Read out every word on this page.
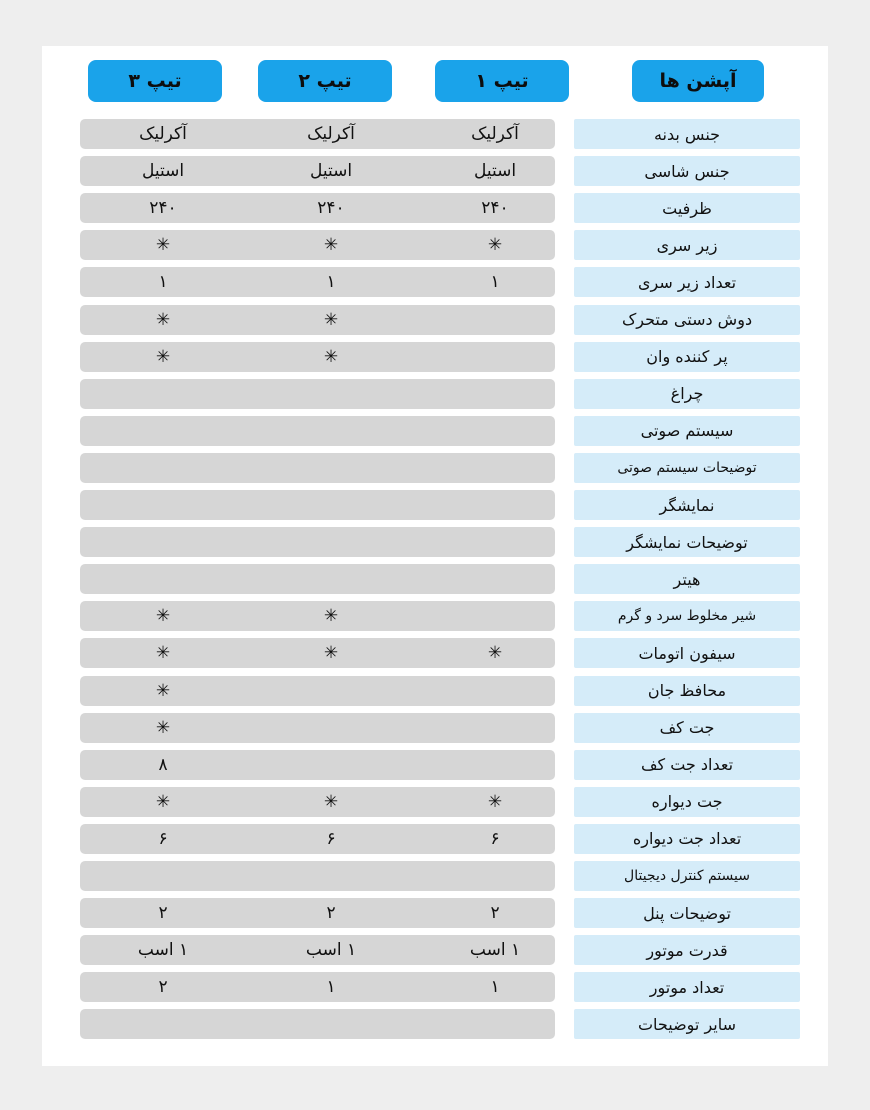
آپشن ها
تیپ ۱
تیپ ۲
تیپ ۳
جنس بدنه
آکرلیک
آکرلیک
آکرلیک
جنس شاسی
استیل
استیل
استیل
ظرفیت
۲۴۰
۲۴۰
۲۴۰
زیر سری
✳
✳
✳
تعداد زیر سری
۱
۱
۱
دوش دستی متحرک
✳
✳
پر کننده وان
✳
✳
چراغ
سیستم صوتی
توضیحات سیستم صوتی
نمایشگر
توضیحات نمایشگر
هیتر
شیر مخلوط سرد و گرم
✳
✳
سیفون اتومات
✳
✳
✳
محافظ جان
✳
جت کف
✳
تعداد جت کف
۸
جت دیواره
✳
✳
✳
تعداد جت دیواره
۶
۶
۶
سیستم کنترل دیجیتال
توضیحات پنل
۲
۲
۲
قدرت موتور
۱ اسب
۱ اسب
۱ اسب
تعداد موتور
۱
۱
۲
سایر توضیحات
